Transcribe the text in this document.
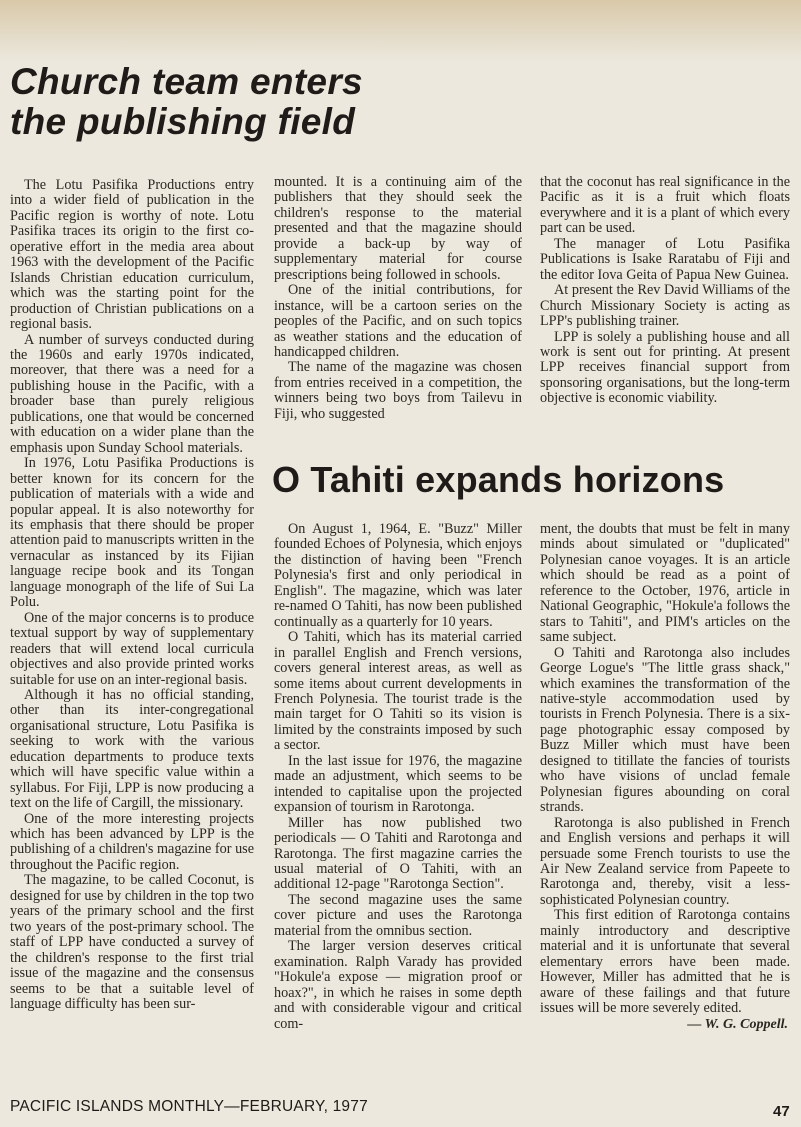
Church team enters
the publishing field

The Lotu Pasifika Productions entry into a wider field of publication in the Pacific region is worthy of note. Lotu Pasifika traces its origin to the first co-operative effort in the media area about 1963 with the development of the Pacific Islands Christian education curriculum, which was the starting point for the production of Christian publications on a regional basis.

A number of surveys conducted during the 1960s and early 1970s indicated, moreover, that there was a need for a publishing house in the Pacific, with a broader base than purely religious publications, one that would be concerned with education on a wider plane than the emphasis upon Sunday School materials.

In 1976, Lotu Pasifika Productions is better known for its concern for the publication of materials with a wide and popular appeal. It is also noteworthy for its emphasis that there should be proper attention paid to manuscripts written in the vernacular as instanced by its Fijian language recipe book and its Tongan language monograph of the life of Sui La Polu.

One of the major concerns is to produce textual support by way of supplementary readers that will extend local curricula objectives and also provide printed works suitable for use on an inter-regional basis.

Although it has no official standing, other than its inter-congregational organisational structure, Lotu Pasifika is seeking to work with the various education departments to produce texts which will have specific value within a syllabus. For Fiji, LPP is now producing a text on the life of Cargill, the missionary.

One of the more interesting projects which has been advanced by LPP is the publishing of a children's magazine for use throughout the Pacific region.

The magazine, to be called Coconut, is designed for use by children in the top two years of the primary school and the first two years of the post-primary school. The staff of LPP have conducted a survey of the children's response to the first trial issue of the magazine and the consensus seems to be that a suitable level of language difficulty has been sur-

mounted. It is a continuing aim of the publishers that they should seek the children's response to the material presented and that the magazine should provide a back-up by way of supplementary material for course prescriptions being followed in schools.

One of the initial contributions, for instance, will be a cartoon series on the peoples of the Pacific, and on such topics as weather stations and the education of handicapped children.

The name of the magazine was chosen from entries received in a competition, the winners being two boys from Tailevu in Fiji, who suggested

that the coconut has real significance in the Pacific as it is a fruit which floats everywhere and it is a plant of which every part can be used.

The manager of Lotu Pasifika Publications is Isake Raratabu of Fiji and the editor Iova Geita of Papua New Guinea.

At present the Rev David Williams of the Church Missionary Society is acting as LPP's publishing trainer.

LPP is solely a publishing house and all work is sent out for printing. At present LPP receives financial support from sponsoring organisations, but the long-term objective is economic viability.

O Tahiti expands horizons

On August 1, 1964, E. "Buzz" Miller founded Echoes of Polynesia, which enjoys the distinction of having been "French Polynesia's first and only periodical in English". The magazine, which was later re-named O Tahiti, has now been published continually as a quarterly for 10 years.

O Tahiti, which has its material carried in parallel English and French versions, covers general interest areas, as well as some items about current developments in French Polynesia. The tourist trade is the main target for O Tahiti so its vision is limited by the constraints imposed by such a sector.

In the last issue for 1976, the magazine made an adjustment, which seems to be intended to capitalise upon the projected expansion of tourism in Rarotonga.

Miller has now published two periodicals — O Tahiti and Rarotonga and Rarotonga. The first magazine carries the usual material of O Tahiti, with an additional 12-page "Rarotonga Section".

The second magazine uses the same cover picture and uses the Rarotonga material from the omnibus section.

The larger version deserves critical examination. Ralph Varady has provided "Hokule'a expose — migration proof or hoax?", in which he raises in some depth and with considerable vigour and critical com-

ment, the doubts that must be felt in many minds about simulated or "duplicated" Polynesian canoe voyages. It is an article which should be read as a point of reference to the October, 1976, article in National Geographic, "Hokule'a follows the stars to Tahiti", and PIM's articles on the same subject.

O Tahiti and Rarotonga also includes George Logue's "The little grass shack," which examines the transformation of the native-style accommodation used by tourists in French Polynesia. There is a six-page photographic essay composed by Buzz Miller which must have been designed to titillate the fancies of tourists who have visions of unclad female Polynesian figures abounding on coral strands.

Rarotonga is also published in French and English versions and perhaps it will persuade some French tourists to use the Air New Zealand service from Papeete to Rarotonga and, thereby, visit a less-sophisticated Polynesian country.

This first edition of Rarotonga contains mainly introductory and descriptive material and it is unfortunate that several elementary errors have been made. However, Miller has admitted that he is aware of these failings and that future issues will be more severely edited.

— W. G. Coppell.

PACIFIC ISLANDS MONTHLY—FEBRUARY, 1977	47
